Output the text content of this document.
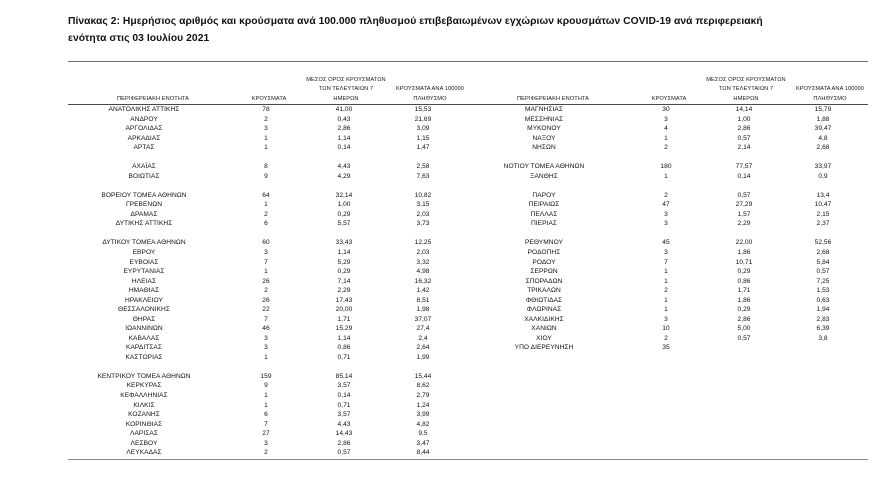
Πίνακας 2: Ημερήσιος αριθμός και κρούσματα ανά 100.000 πληθυσμού επιβεβαιωμένων εγχώριων κρουσμάτων COVID-19 ανά περιφερειακή
ενότητα στις 03 Ιουλίου 2021
		ΜΕΣΟΣ ΟΡΟΣ ΚΡΟΥΣΜΑΤΩΝ	
		ΤΩΝ ΤΕΛΕΥΤΑΙΩΝ 7	ΚΡΟΥΣΜΑΤΑ ΑΝΑ 100000
ΠΕΡΙΦΕΡΕΙΑΚΗ ΕΝΟΤΗΤΑ	ΚΡΟΥΣΜΑΤΑ	ΗΜΕΡΩΝ	ΠΛΗΘΥΣΜΟ
ΑΝΑΤΟΛΙΚΗΣ ΑΤΤΙΚΗΣ	78	41,00	15,53
ΑΝΔΡΟΥ	2	0,43	21,69
ΑΡΓΟΛΙΔΑΣ	3	2,86	3,09
ΑΡΚΑΔΙΑΣ	1	1,14	1,15
ΑΡΤΑΣ	1	0,14	1,47

ΑΧΑΪΑΣ	8	4,43	2,58
ΒΟΙΩΤΙΑΣ	9	4,29	7,63

ΒΟΡΕΙΟΥ ΤΟΜΕΑ ΑΘΗΝΩΝ	64	32,14	10,82
ΓΡΕΒΕΝΩΝ	1	1,00	3,15
ΔΡΑΜΑΣ	2	0,29	2,03
ΔΥΤΙΚΗΣ ΑΤΤΙΚΗΣ	6	5,57	3,73

ΔΥΤΙΚΟΥ ΤΟΜΕΑ ΑΘΗΝΩΝ	60	33,43	12,25
ΕΒΡΟΥ	3	1,14	2,03
ΕΥΒΟΙΑΣ	7	5,29	3,32
ΕΥΡΥΤΑΝΙΑΣ	1	0,29	4,98
ΗΛΕΙΑΣ	26	7,14	16,32
ΗΜΑΘΙΑΣ	2	2,29	1,42
ΗΡΑΚΛΕΙΟΥ	26	17,43	8,51
ΘΕΣΣΑΛΟΝΙΚΗΣ	22	20,00	1,98
ΘΗΡΑΣ	7	1,71	37,07
ΙΩΑΝΝΙΝΩΝ	46	15,29	27,4
ΚΑΒΑΛΑΣ	3	1,14	2,4
ΚΑΡΔΙΤΣΑΣ	3	0,86	2,64
ΚΑΣΤΟΡΙΑΣ	1	0,71	1,99

ΚΕΝΤΡΙΚΟΥ ΤΟΜΕΑ ΑΘΗΝΩΝ	159	85,14	15,44
ΚΕΡΚΥΡΑΣ	9	3,57	8,62
ΚΕΦΑΛΛΗΝΙΑΣ	1	0,14	2,79
ΚΙΛΚΙΣ	1	0,71	1,24
ΚΟΖΑΝΗΣ	6	3,57	3,99
ΚΟΡΙΝΘΙΑΣ	7	4,43	4,82
ΛΑΡΙΣΑΣ	27	14,43	9,5
ΛΕΣΒΟΥ	3	2,86	3,47
ΛΕΥΚΑΔΑΣ	2	0,57	8,44
		ΜΕΣΟΣ ΟΡΟΣ ΚΡΟΥΣΜΑΤΩΝ	
		ΤΩΝ ΤΕΛΕΥΤΑΙΩΝ 7	ΚΡΟΥΣΜΑΤΑ ΑΝΑ 100000
ΠΕΡΙΦΕΡΕΙΑΚΗ ΕΝΟΤΗΤΑ	ΚΡΟΥΣΜΑΤΑ	ΗΜΕΡΩΝ	ΠΛΗΘΥΣΜΟ
ΜΑΓΝΗΣΙΑΣ	30	14,14	15,79
ΜΕΣΣΗΝΙΑΣ	3	1,00	1,88
ΜΥΚΟΝΟΥ	4	2,86	39,47
ΝΑΞΟΥ	1	0,57	4,8
ΝΗΣΩΝ	2	2,14	2,68

ΝΟΤΙΟΥ ΤΟΜΕΑ ΑΘΗΝΩΝ	180	77,57	33,97
ΞΑΝΘΗΣ	1	0,14	0,9

ΠΑΡΟΥ	2	0,57	13,4
ΠΕΙΡΑΙΩΣ	47	27,29	10,47
ΠΕΛΛΑΣ	3	1,57	2,15
ΠΙΕΡΙΑΣ	3	2,29	2,37

ΡΕΘΥΜΝΟΥ	45	22,00	52,56
ΡΟΔΟΠΗΣ	3	1,86	2,68
ΡΟΔΟΥ	7	10,71	5,84
ΣΕΡΡΩΝ	1	0,29	0,57
ΣΠΟΡΑΔΩΝ	1	0,86	7,25
ΤΡΙΚΑΛΩΝ	2	1,71	1,53
ΦΘΙΩΤΙΔΑΣ	1	1,86	0,63
ΦΛΩΡΙΝΑΣ	1	0,29	1,94
ΧΑΛΚΙΔΙΚΗΣ	3	2,86	2,83
ΧΑΝΙΩΝ	10	5,00	6,39
ΧΙΟΥ	2	0,57	3,8
ΥΠΟ ΔΙΕΡΕΥΝΗΣΗ	35		
